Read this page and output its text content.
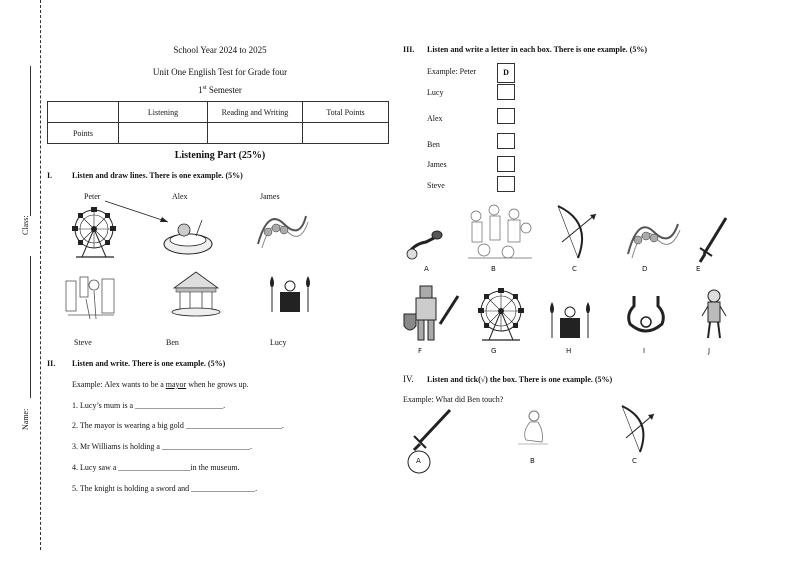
Class:
Name:
School Year 2024 to 2025
Unit One English Test for Grade four
1st Semester
	Listening	Reading and Writing	Total Points
Points			
Listening Part (25%)
I. Listen and draw lines. There is one example. (5%)
Peter	Alex	James
Steve	Ben	Lucy
II. Listen and write. There is one example. (5%)
Example: Alex wants to be a mayor when he grows up.
1. Lucy’s mum is a ______________________.
2. The mayor is wearing a big gold ________________________.
3. Mr Williams is holding a ______________________.
4. Lucy saw a __________________in the museum.
5. The knight is holding a sword and ________________.
III. Listen and write a letter in each box. There is one example. (5%)
Example: Peter	D
Lucy
Alex
Ben
James
Steve
A	B	C	D	E
F	G	H	I	J
IV. Listen and tick(√) the box. There is one example. (5%)
Example: What did Ben touch?
A	B	C
